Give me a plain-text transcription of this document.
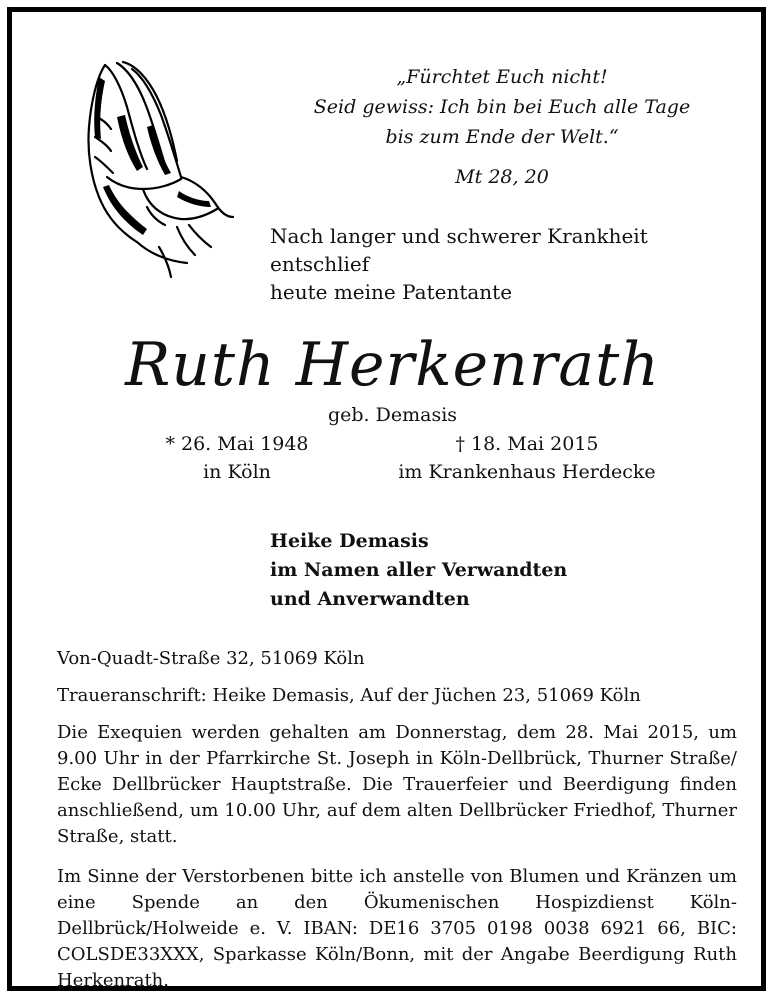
„Fürchtet Euch nicht!
Seid gewiss: Ich bin bei Euch alle Tage
bis zum Ende der Welt.“
Mt 28, 20
Nach langer und schwerer Krankheit entschlief
heute meine Patentante
Ruth Herkenrath
geb. Demasis
* 26. Mai 1948
in Köln
† 18. Mai 2015
im Krankenhaus Herdecke
Heike Demasis
im Namen aller Verwandten
und Anverwandten
Von-Quadt-Straße 32, 51069 Köln
Traueranschrift: Heike Demasis, Auf der Jüchen 23, 51069 Köln
Die Exequien werden gehalten am Donnerstag, dem 28. Mai 2015, um 9.00 Uhr in der Pfarrkirche St. Joseph in Köln-Dellbrück, Thurner Straße/ Ecke Dellbrücker Hauptstraße. Die Trauerfeier und Beerdigung finden anschließend, um 10.00 Uhr, auf dem alten Dellbrücker Friedhof, Thurner Straße, statt.
Im Sinne der Verstorbenen bitte ich anstelle von Blumen und Kränzen um eine Spende an den Ökumenischen Hospizdienst Köln-Dellbrück/Holweide e. V. IBAN: DE16 3705 0198 0038 6921 66, BIC: COLSDE33XXX, Sparkasse Köln/Bonn, mit der Angabe Beerdigung Ruth Herkenrath.
